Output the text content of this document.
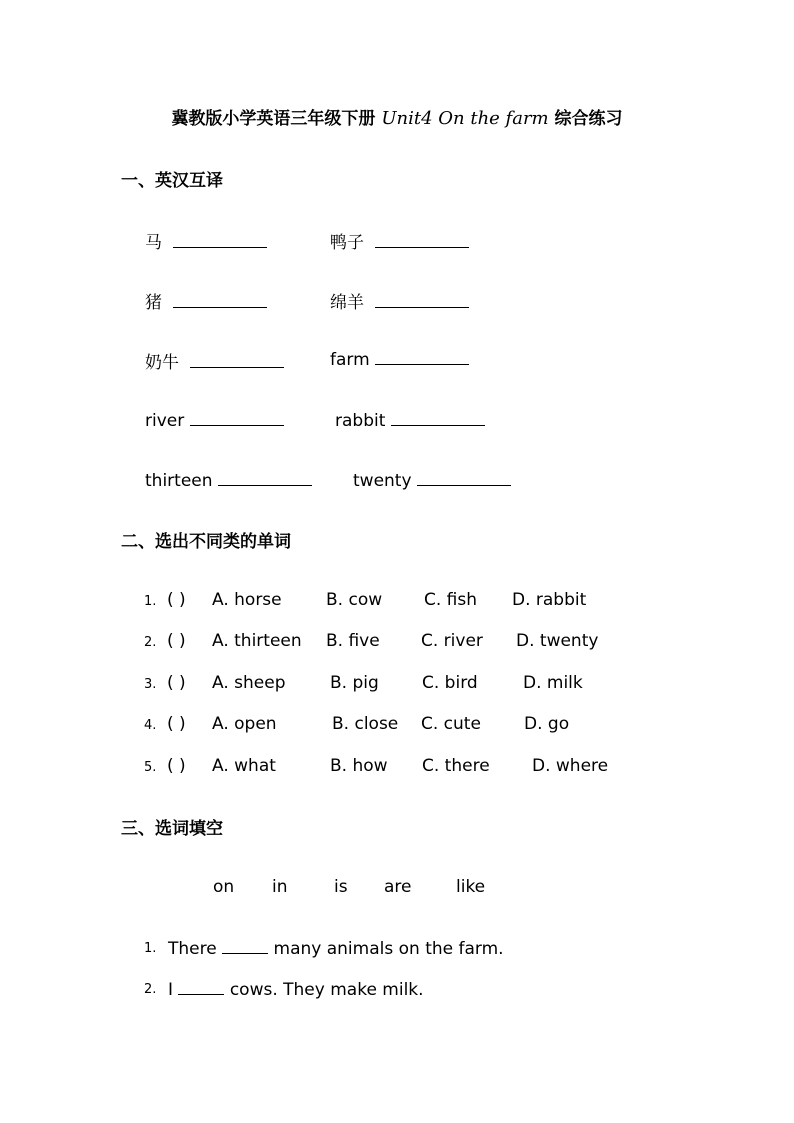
冀教版小学英语三年级下册 Unit4 On the farm 综合练习
一、英汉互译
马	鸭子
猪	绵羊
奶牛	farm
river	rabbit
thirteen	twenty
二、选出不同类的单词
1. ( ) A. horse	B. cow C. fish D. rabbit
2. ( ) A. thirteen B. five C. river D. twenty
3. ( ) A. sheep	B. pig	C. bird	D. milk
4. ( ) A. open	B. close C. cute	D. go
5. ( ) A. what	B. how C. there D. where
三、选词填空
on in	is are	like
1. There	many animals on the farm.
2. I	cows. They make milk.
